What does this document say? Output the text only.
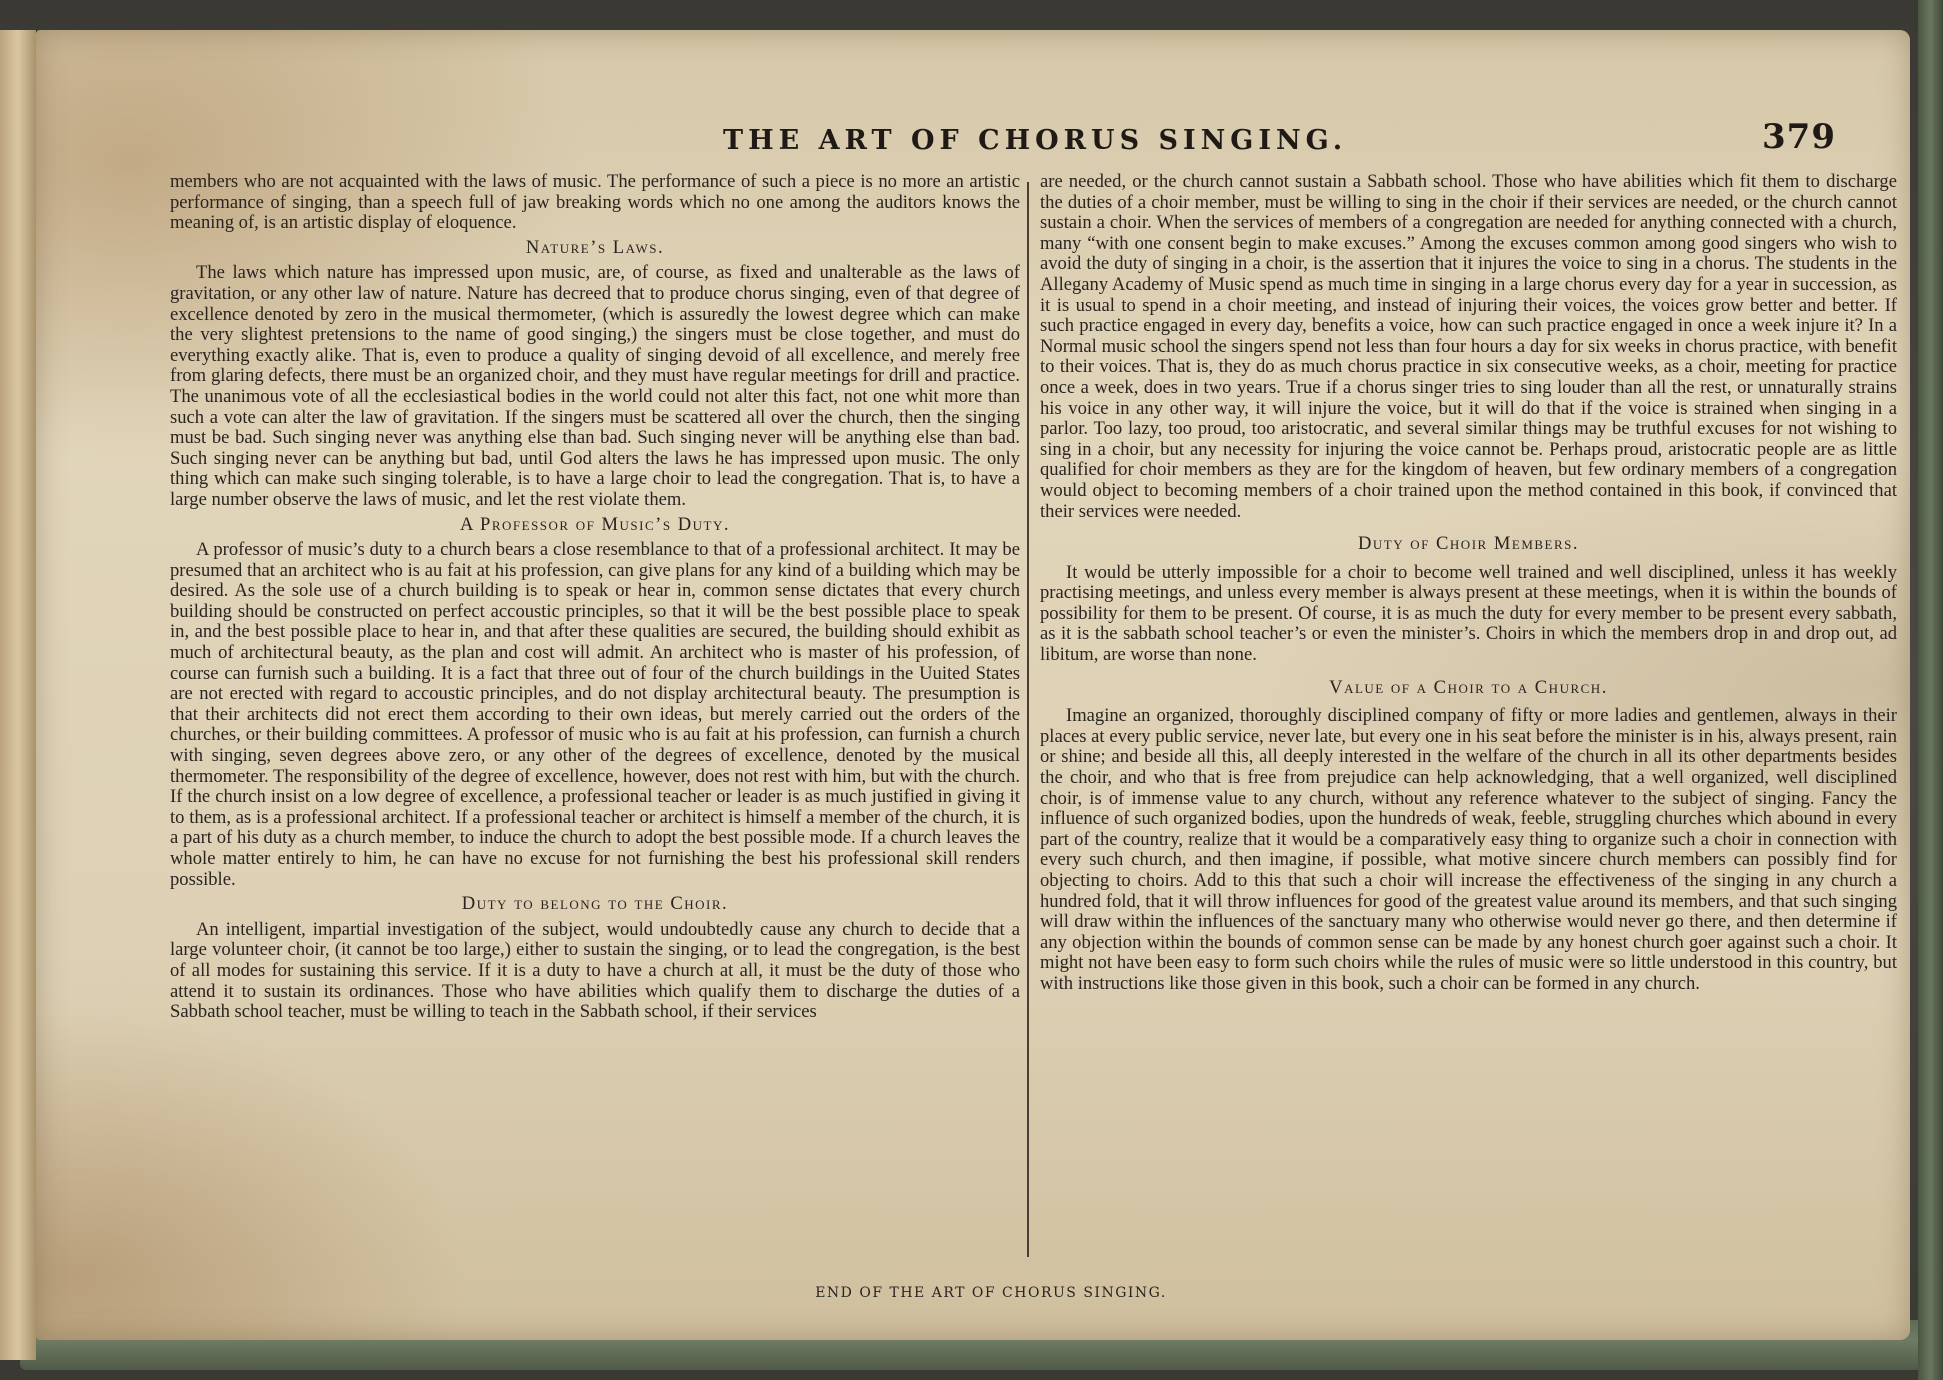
THE ART OF CHORUS SINGING.	379

members who are not acquainted with the laws of music. The performance of such a piece is no more an artistic performance of singing, than a speech full of jaw breaking words which no one among the auditors knows the meaning of, is an artistic display of eloquence.

Nature’s Laws.

The laws which nature has impressed upon music, are, of course, as fixed and unalterable as the laws of gravitation, or any other law of nature. Nature has decreed that to produce chorus singing, even of that degree of excellence denoted by zero in the musical thermometer, (which is assuredly the lowest degree which can make the very slightest pretensions to the name of good singing,) the singers must be close together, and must do everything exactly alike. That is, even to produce a quality of singing devoid of all excellence, and merely free from glaring defects, there must be an organized choir, and they must have regular meetings for drill and practice. The unanimous vote of all the ecclesiastical bodies in the world could not alter this fact, not one whit more than such a vote can alter the law of gravitation. If the singers must be scattered all over the church, then the singing must be bad. Such singing never was anything else than bad. Such singing never will be anything else than bad. Such singing never can be anything but bad, until God alters the laws he has impressed upon music. The only thing which can make such singing tolerable, is to have a large choir to lead the congregation. That is, to have a large number observe the laws of music, and let the rest violate them.

A Professor of Music’s Duty.

A professor of music’s duty to a church bears a close resemblance to that of a professional architect. It may be presumed that an architect who is au fait at his profession, can give plans for any kind of a building which may be desired. As the sole use of a church building is to speak or hear in, common sense dictates that every church building should be constructed on perfect accoustic principles, so that it will be the best possible place to speak in, and the best possible place to hear in, and that after these qualities are secured, the building should exhibit as much of architectural beauty, as the plan and cost will admit. An architect who is master of his profession, of course can furnish such a building. It is a fact that three out of four of the church buildings in the Uuited States are not erected with regard to accoustic principles, and do not display architectural beauty. The presumption is that their architects did not erect them according to their own ideas, but merely carried out the orders of the churches, or their building committees. A professor of music who is au fait at his profession, can furnish a church with singing, seven degrees above zero, or any other of the degrees of excellence, denoted by the musical thermometer. The responsibility of the degree of excellence, however, does not rest with him, but with the church. If the church insist on a low degree of excellence, a professional teacher or leader is as much justified in giving it to them, as is a professional architect. If a professional teacher or architect is himself a member of the church, it is a part of his duty as a church member, to induce the church to adopt the best possible mode. If a church leaves the whole matter entirely to him, he can have no excuse for not furnishing the best his professional skill renders possible.

Duty to belong to the Choir.

An intelligent, impartial investigation of the subject, would undoubtedly cause any church to decide that a large volunteer choir, (it cannot be too large,) either to sustain the singing, or to lead the congregation, is the best of all modes for sustaining this service. If it is a duty to have a church at all, it must be the duty of those who attend it to sustain its ordinances. Those who have abilities which qualify them to discharge the duties of a Sabbath school teacher, must be willing to teach in the Sabbath school, if their services

are needed, or the church cannot sustain a Sabbath school. Those who have abilities which fit them to discharge the duties of a choir member, must be willing to sing in the choir if their services are needed, or the church cannot sustain a choir. When the services of members of a congregation are needed for anything connected with a church, many “with one consent begin to make excuses.” Among the excuses common among good singers who wish to avoid the duty of singing in a choir, is the assertion that it injures the voice to sing in a chorus. The students in the Allegany Academy of Music spend as much time in singing in a large chorus every day for a year in succession, as it is usual to spend in a choir meeting, and instead of injuring their voices, the voices grow better and better. If such practice engaged in every day, benefits a voice, how can such practice engaged in once a week injure it? In a Normal music school the singers spend not less than four hours a day for six weeks in chorus practice, with benefit to their voices. That is, they do as much chorus practice in six consecutive weeks, as a choir, meeting for practice once a week, does in two years. True if a chorus singer tries to sing louder than all the rest, or unnaturally strains his voice in any other way, it will injure the voice, but it will do that if the voice is strained when singing in a parlor. Too lazy, too proud, too aristocratic, and several similar things may be truthful excuses for not wishing to sing in a choir, but any necessity for injuring the voice cannot be. Perhaps proud, aristocratic people are as little qualified for choir members as they are for the kingdom of heaven, but few ordinary members of a congregation would object to becoming members of a choir trained upon the method contained in this book, if convinced that their services were needed.

Duty of Choir Members.

It would be utterly impossible for a choir to become well trained and well disciplined, unless it has weekly practising meetings, and unless every member is always present at these meetings, when it is within the bounds of possibility for them to be present. Of course, it is as much the duty for every member to be present every sabbath, as it is the sabbath school teacher’s or even the minister’s. Choirs in which the members drop in and drop out, ad libitum, are worse than none.

Value of a Choir to a Church.

Imagine an organized, thoroughly disciplined company of fifty or more ladies and gentlemen, always in their places at every public service, never late, but every one in his seat before the minister is in his, always present, rain or shine; and beside all this, all deeply interested in the welfare of the church in all its other departments besides the choir, and who that is free from prejudice can help acknowledging, that a well organized, well disciplined choir, is of immense value to any church, without any reference whatever to the subject of singing. Fancy the influence of such organized bodies, upon the hundreds of weak, feeble, struggling churches which abound in every part of the country, realize that it would be a comparatively easy thing to organize such a choir in connection with every such church, and then imagine, if possible, what motive sincere church members can possibly find for objecting to choirs. Add to this that such a choir will increase the effectiveness of the singing in any church a hundred fold, that it will throw influences for good of the greatest value around its members, and that such singing will draw within the influences of the sanctuary many who otherwise would never go there, and then determine if any objection within the bounds of common sense can be made by any honest church goer against such a choir. It might not have been easy to form such choirs while the rules of music were so little understood in this country, but with instructions like those given in this book, such a choir can be formed in any church.

END OF THE ART OF CHORUS SINGING.
